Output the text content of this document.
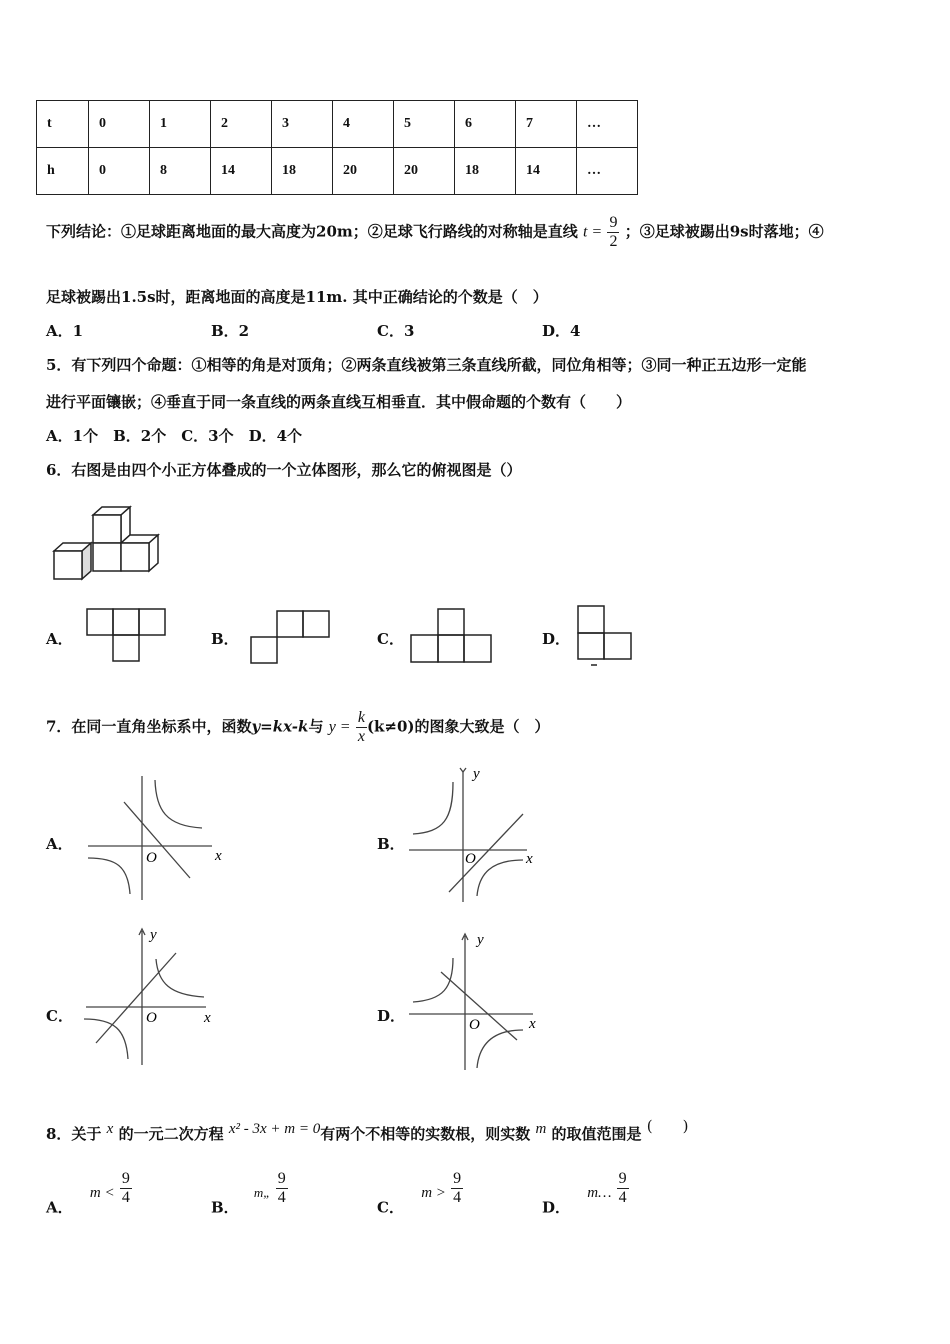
t	0	1	2	3	4	5	6	7	…
h	0	8	14	18	20	20	18	14	…
下列结论：①足球距离地面的最大高度为20m；②足球飞行路线的对称轴是直线 $t = \frac{9}{2}$ ；③足球被踢出9s时落地；④
足球被踢出1.5s时，距离地面的高度是11m. 其中正确结论的个数是（　）
A．1	B．2	C．3	D．4
5．有下列四个命题：①相等的角是对顶角；②两条直线被第三条直线所截，同位角相等；③同一种正五边形一定能
进行平面镶嵌；④垂直于同一条直线的两条直线互相垂直．其中假命题的个数有（　　）
A．1个　B．2个　C．3个　D．4个
6．右图是由四个小正方体叠成的一个立体图形，那么它的俯视图是（）
A．	B．	C．	D．
7．在同一直角坐标系中，函数y=kx-k与 $y = \frac{k}{x} (k\ne 0)$的图象大致是（　）
A．
x
O
B．
y
x
O
C．
y
x
O	D．
y
x
O
8．关于 x 的一元二次方程 x² - 3x + m = 0有两个不相等的实数根，则实数 m 的取值范围是 (　　)
A． $m < \frac{9}{4}$
B． m„ $\frac{9}{4}$
C． $m > \frac{9}{4}$
D． m… $\frac{9}{4}$
